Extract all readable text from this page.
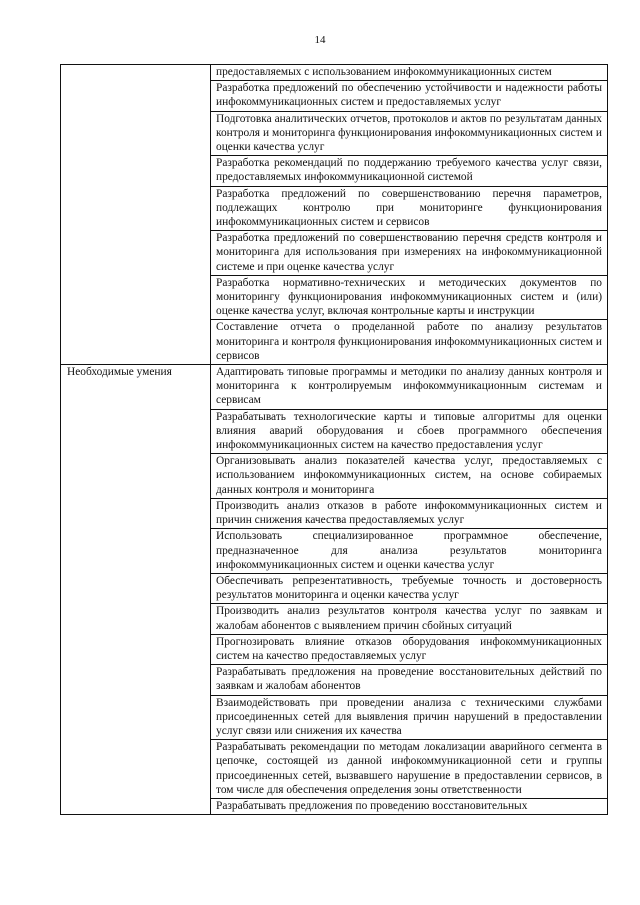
14
	предоставляемых с использованием инфокоммуникационных систем
	Разработка предложений по обеспечению устойчивости и надежности работы инфокоммуникационных систем и предоставляемых услуг
	Подготовка аналитических отчетов, протоколов и актов по результатам данных контроля и мониторинга функционирования инфокоммуникационных систем и оценки качества услуг
	Разработка рекомендаций по поддержанию требуемого качества услуг связи, предоставляемых инфокоммуникационной системой
	Разработка предложений по совершенствованию перечня параметров, подлежащих контролю при мониторинге функционирования инфокоммуникационных систем и сервисов
	Разработка предложений по совершенствованию перечня средств контроля и мониторинга для использования при измерениях на инфокоммуникационной системе и при оценке качества услуг
	Разработка нормативно-технических и методических документов по мониторингу функционирования инфокоммуникационных систем и (или) оценке качества услуг, включая контрольные карты и инструкции
	Составление отчета о проделанной работе по анализу результатов мониторинга и контроля функционирования инфокоммуникационных систем и сервисов
Необходимые умения	Адаптировать типовые программы и методики по анализу данных контроля и мониторинга к контролируемым инфокоммуникационным системам и сервисам
	Разрабатывать технологические карты и типовые алгоритмы для оценки влияния аварий оборудования и сбоев программного обеспечения инфокоммуникационных систем на качество предоставления услуг
	Организовывать анализ показателей качества услуг, предоставляемых с использованием инфокоммуникационных систем, на основе собираемых данных контроля и мониторинга
	Производить анализ отказов в работе инфокоммуникационных систем и причин снижения качества предоставляемых услуг
	Использовать специализированное программное обеспечение, предназначенное для анализа результатов мониторинга инфокоммуникационных систем и оценки качества услуг
	Обеспечивать репрезентативность, требуемые точность и достоверность результатов мониторинга и оценки качества услуг
	Производить анализ результатов контроля качества услуг по заявкам и жалобам абонентов с выявлением причин сбойных ситуаций
	Прогнозировать влияние отказов оборудования инфокоммуникационных систем на качество предоставляемых услуг
	Разрабатывать предложения на проведение восстановительных действий по заявкам и жалобам абонентов
	Взаимодействовать при проведении анализа с техническими службами присоединенных сетей для выявления причин нарушений в предоставлении услуг связи или снижения их качества
	Разрабатывать рекомендации по методам локализации аварийного сегмента в цепочке, состоящей из данной инфокоммуникационной сети и группы присоединенных сетей, вызвавшего нарушение в предоставлении сервисов, в том числе для обеспечения определения зоны ответственности
	Разрабатывать предложения по проведению восстановительных
